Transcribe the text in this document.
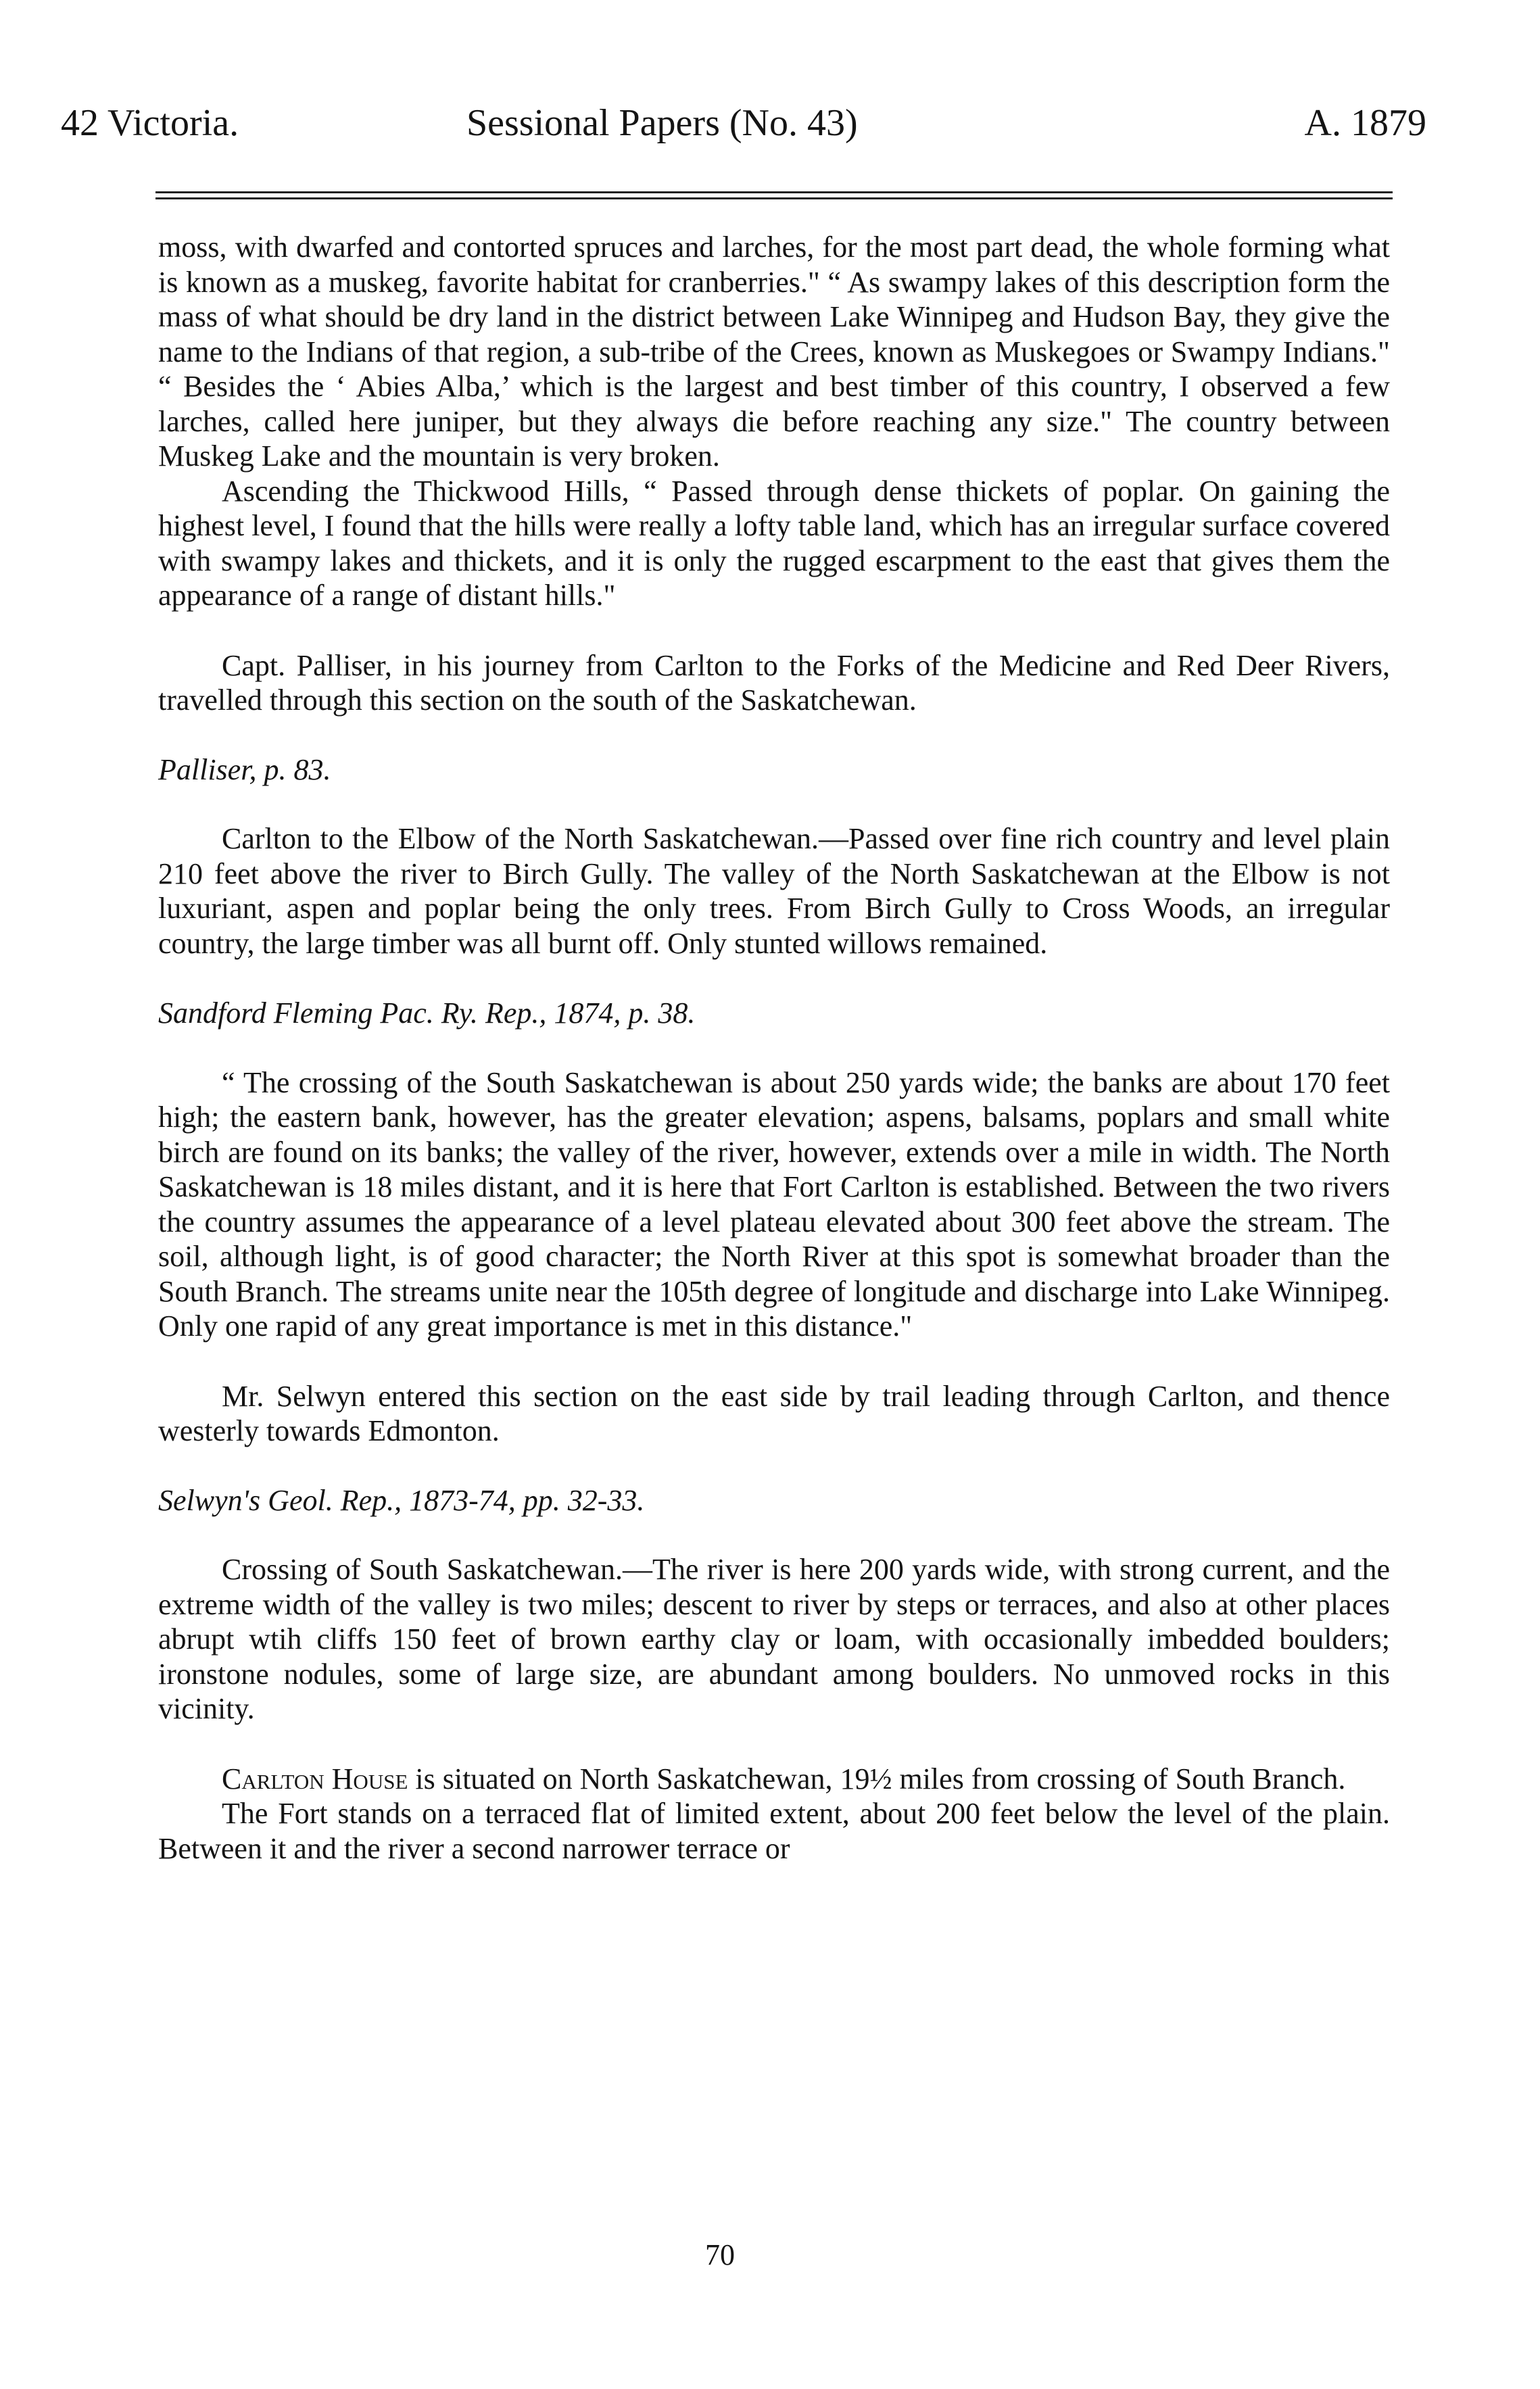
42 Victoria.	Sessional Papers (No. 43)	A. 1879

moss, with dwarfed and contorted spruces and larches, for the most part dead, the whole forming what is known as a muskeg, favorite habitat for cranberries." “ As swampy lakes of this description form the mass of what should be dry land in the district between Lake Winnipeg and Hudson Bay, they give the name to the Indians of that region, a sub-tribe of the Crees, known as Muskegoes or Swampy Indians." “ Besides the ‘ Abies Alba,’ which is the largest and best timber of this country, I observed a few larches, called here juniper, but they always die before reaching any size." The country between Muskeg Lake and the mountain is very broken.

Ascending the Thickwood Hills, “ Passed through dense thickets of poplar. On gaining the highest level, I found that the hills were really a lofty table land, which has an irregular surface covered with swampy lakes and thickets, and it is only the rugged escarpment to the east that gives them the appearance of a range of distant hills."

Capt. Palliser, in his journey from Carlton to the Forks of the Medicine and Red Deer Rivers, travelled through this section on the south of the Saskatchewan.

Palliser, p. 83.

Carlton to the Elbow of the North Saskatchewan.—Passed over fine rich country and level plain 210 feet above the river to Birch Gully. The valley of the North Saskatchewan at the Elbow is not luxuriant, aspen and poplar being the only trees. From Birch Gully to Cross Woods, an irregular country, the large timber was all burnt off. Only stunted willows remained.

Sandford Fleming Pac. Ry. Rep., 1874, p. 38.

“ The crossing of the South Saskatchewan is about 250 yards wide; the banks are about 170 feet high; the eastern bank, however, has the greater elevation; aspens, balsams, poplars and small white birch are found on its banks; the valley of the river, however, extends over a mile in width. The North Saskatchewan is 18 miles distant, and it is here that Fort Carlton is established. Between the two rivers the country assumes the appearance of a level plateau elevated about 300 feet above the stream. The soil, although light, is of good character; the North River at this spot is somewhat broader than the South Branch. The streams unite near the 105th degree of longitude and discharge into Lake Winnipeg. Only one rapid of any great importance is met in this distance."

Mr. Selwyn entered this section on the east side by trail leading through Carlton, and thence westerly towards Edmonton.

Selwyn's Geol. Rep., 1873-74, pp. 32-33.

Crossing of South Saskatchewan.—The river is here 200 yards wide, with strong current, and the extreme width of the valley is two miles; descent to river by steps or terraces, and also at other places abrupt wtih cliffs 150 feet of brown earthy clay or loam, with occasionally imbedded boulders; ironstone nodules, some of large size, are abundant among boulders. No unmoved rocks in this vicinity.

Carlton House is situated on North Saskatchewan, 19½ miles from crossing of South Branch.

The Fort stands on a terraced flat of limited extent, about 200 feet below the level of the plain. Between it and the river a second narrower terrace or

70
